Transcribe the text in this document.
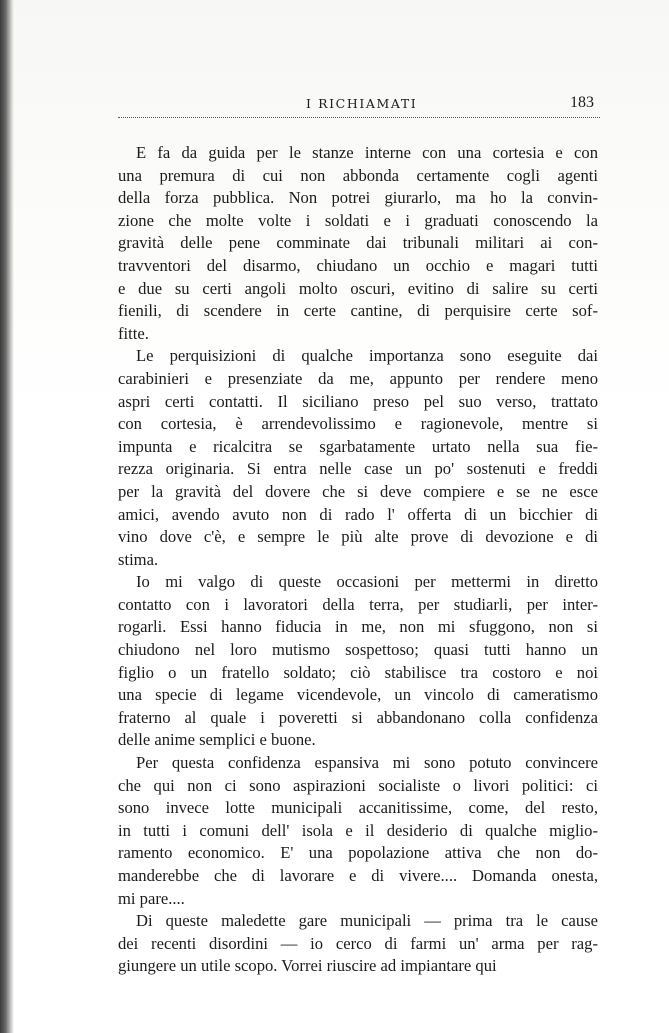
I RICHIAMATI	183
E fa da guida per le stanze interne con una cortesia e con
una premura di cui non abbonda certamente cogli agenti
della forza pubblica. Non potrei giurarlo, ma ho la convin-
zione che molte volte i soldati e i graduati conoscendo la
gravità delle pene comminate dai tribunali militari ai con-
travventori del disarmo, chiudano un occhio e magari tutti
e due su certi angoli molto oscuri, evitino di salire su certi
fienili, di scendere in certe cantine, di perquisire certe sof-
fitte.
Le perquisizioni di qualche importanza sono eseguite dai
carabinieri e presenziate da me, appunto per rendere meno
aspri certi contatti. Il siciliano preso pel suo verso, trattato
con cortesia, è arrendevolissimo e ragionevole, mentre si
impunta e ricalcitra se sgarbatamente urtato nella sua fie-
rezza originaria. Si entra nelle case un po' sostenuti e freddi
per la gravità del dovere che si deve compiere e se ne esce
amici, avendo avuto non di rado l' offerta di un bicchier di
vino dove c'è, e sempre le più alte prove di devozione e di
stima.
Io mi valgo di queste occasioni per mettermi in diretto
contatto con i lavoratori della terra, per studiarli, per inter-
rogarli. Essi hanno fiducia in me, non mi sfuggono, non si
chiudono nel loro mutismo sospettoso; quasi tutti hanno un
figlio o un fratello soldato; ciò stabilisce tra costoro e noi
una specie di legame vicendevole, un vincolo di cameratismo
fraterno al quale i poveretti si abbandonano colla confidenza
delle anime semplici e buone.
Per questa confidenza espansiva mi sono potuto convincere
che qui non ci sono aspirazioni socialiste o livori politici: ci
sono invece lotte municipali accanitissime, come, del resto,
in tutti i comuni dell' isola e il desiderio di qualche miglio-
ramento economico. E' una popolazione attiva che non do-
manderebbe che di lavorare e di vivere.... Domanda onesta,
mi pare....
Di queste maledette gare municipali — prima tra le cause
dei recenti disordini — io cerco di farmi un' arma per rag-
giungere un utile scopo. Vorrei riuscire ad impiantare qui
